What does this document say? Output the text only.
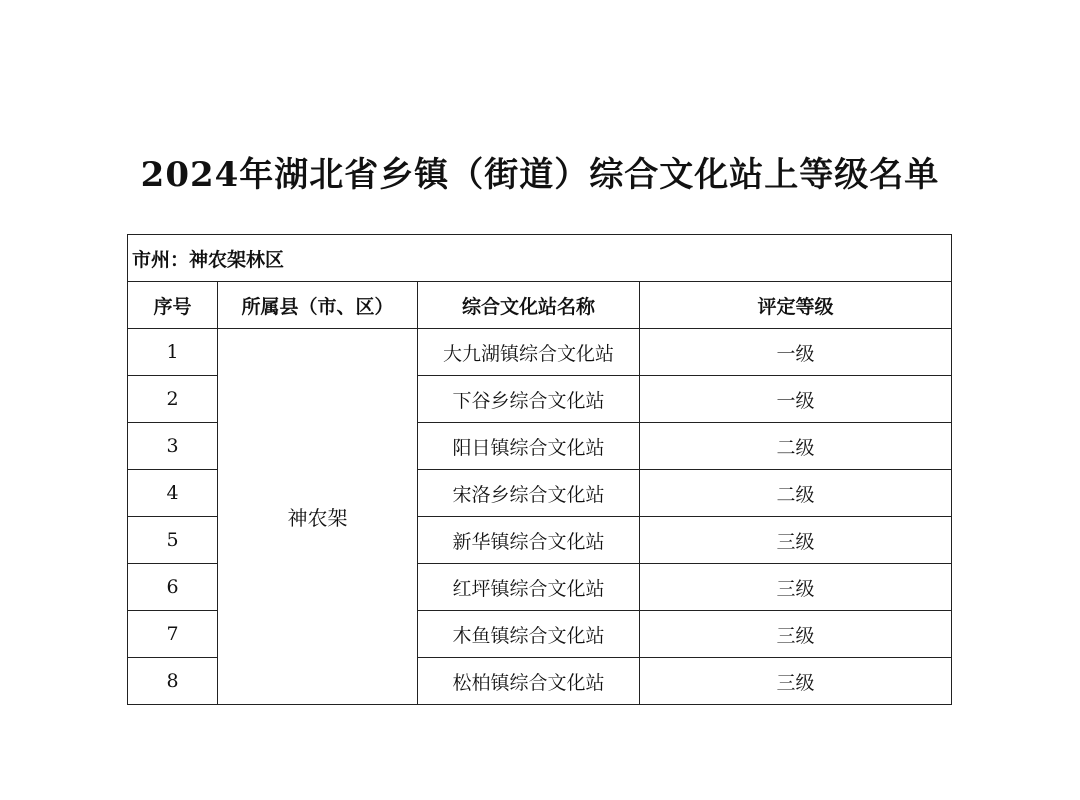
2024年湖北省乡镇（街道）综合文化站上等级名单
市州：神农架林区			
序号	所属县（市、区）	综合文化站名称	评定等级
1	神农架	大九湖镇综合文化站	一级
2		下谷乡综合文化站	一级
3		阳日镇综合文化站	二级
4		宋洛乡综合文化站	二级
5		新华镇综合文化站	三级
6		红坪镇综合文化站	三级
7		木鱼镇综合文化站	三级
8		松柏镇综合文化站	三级
